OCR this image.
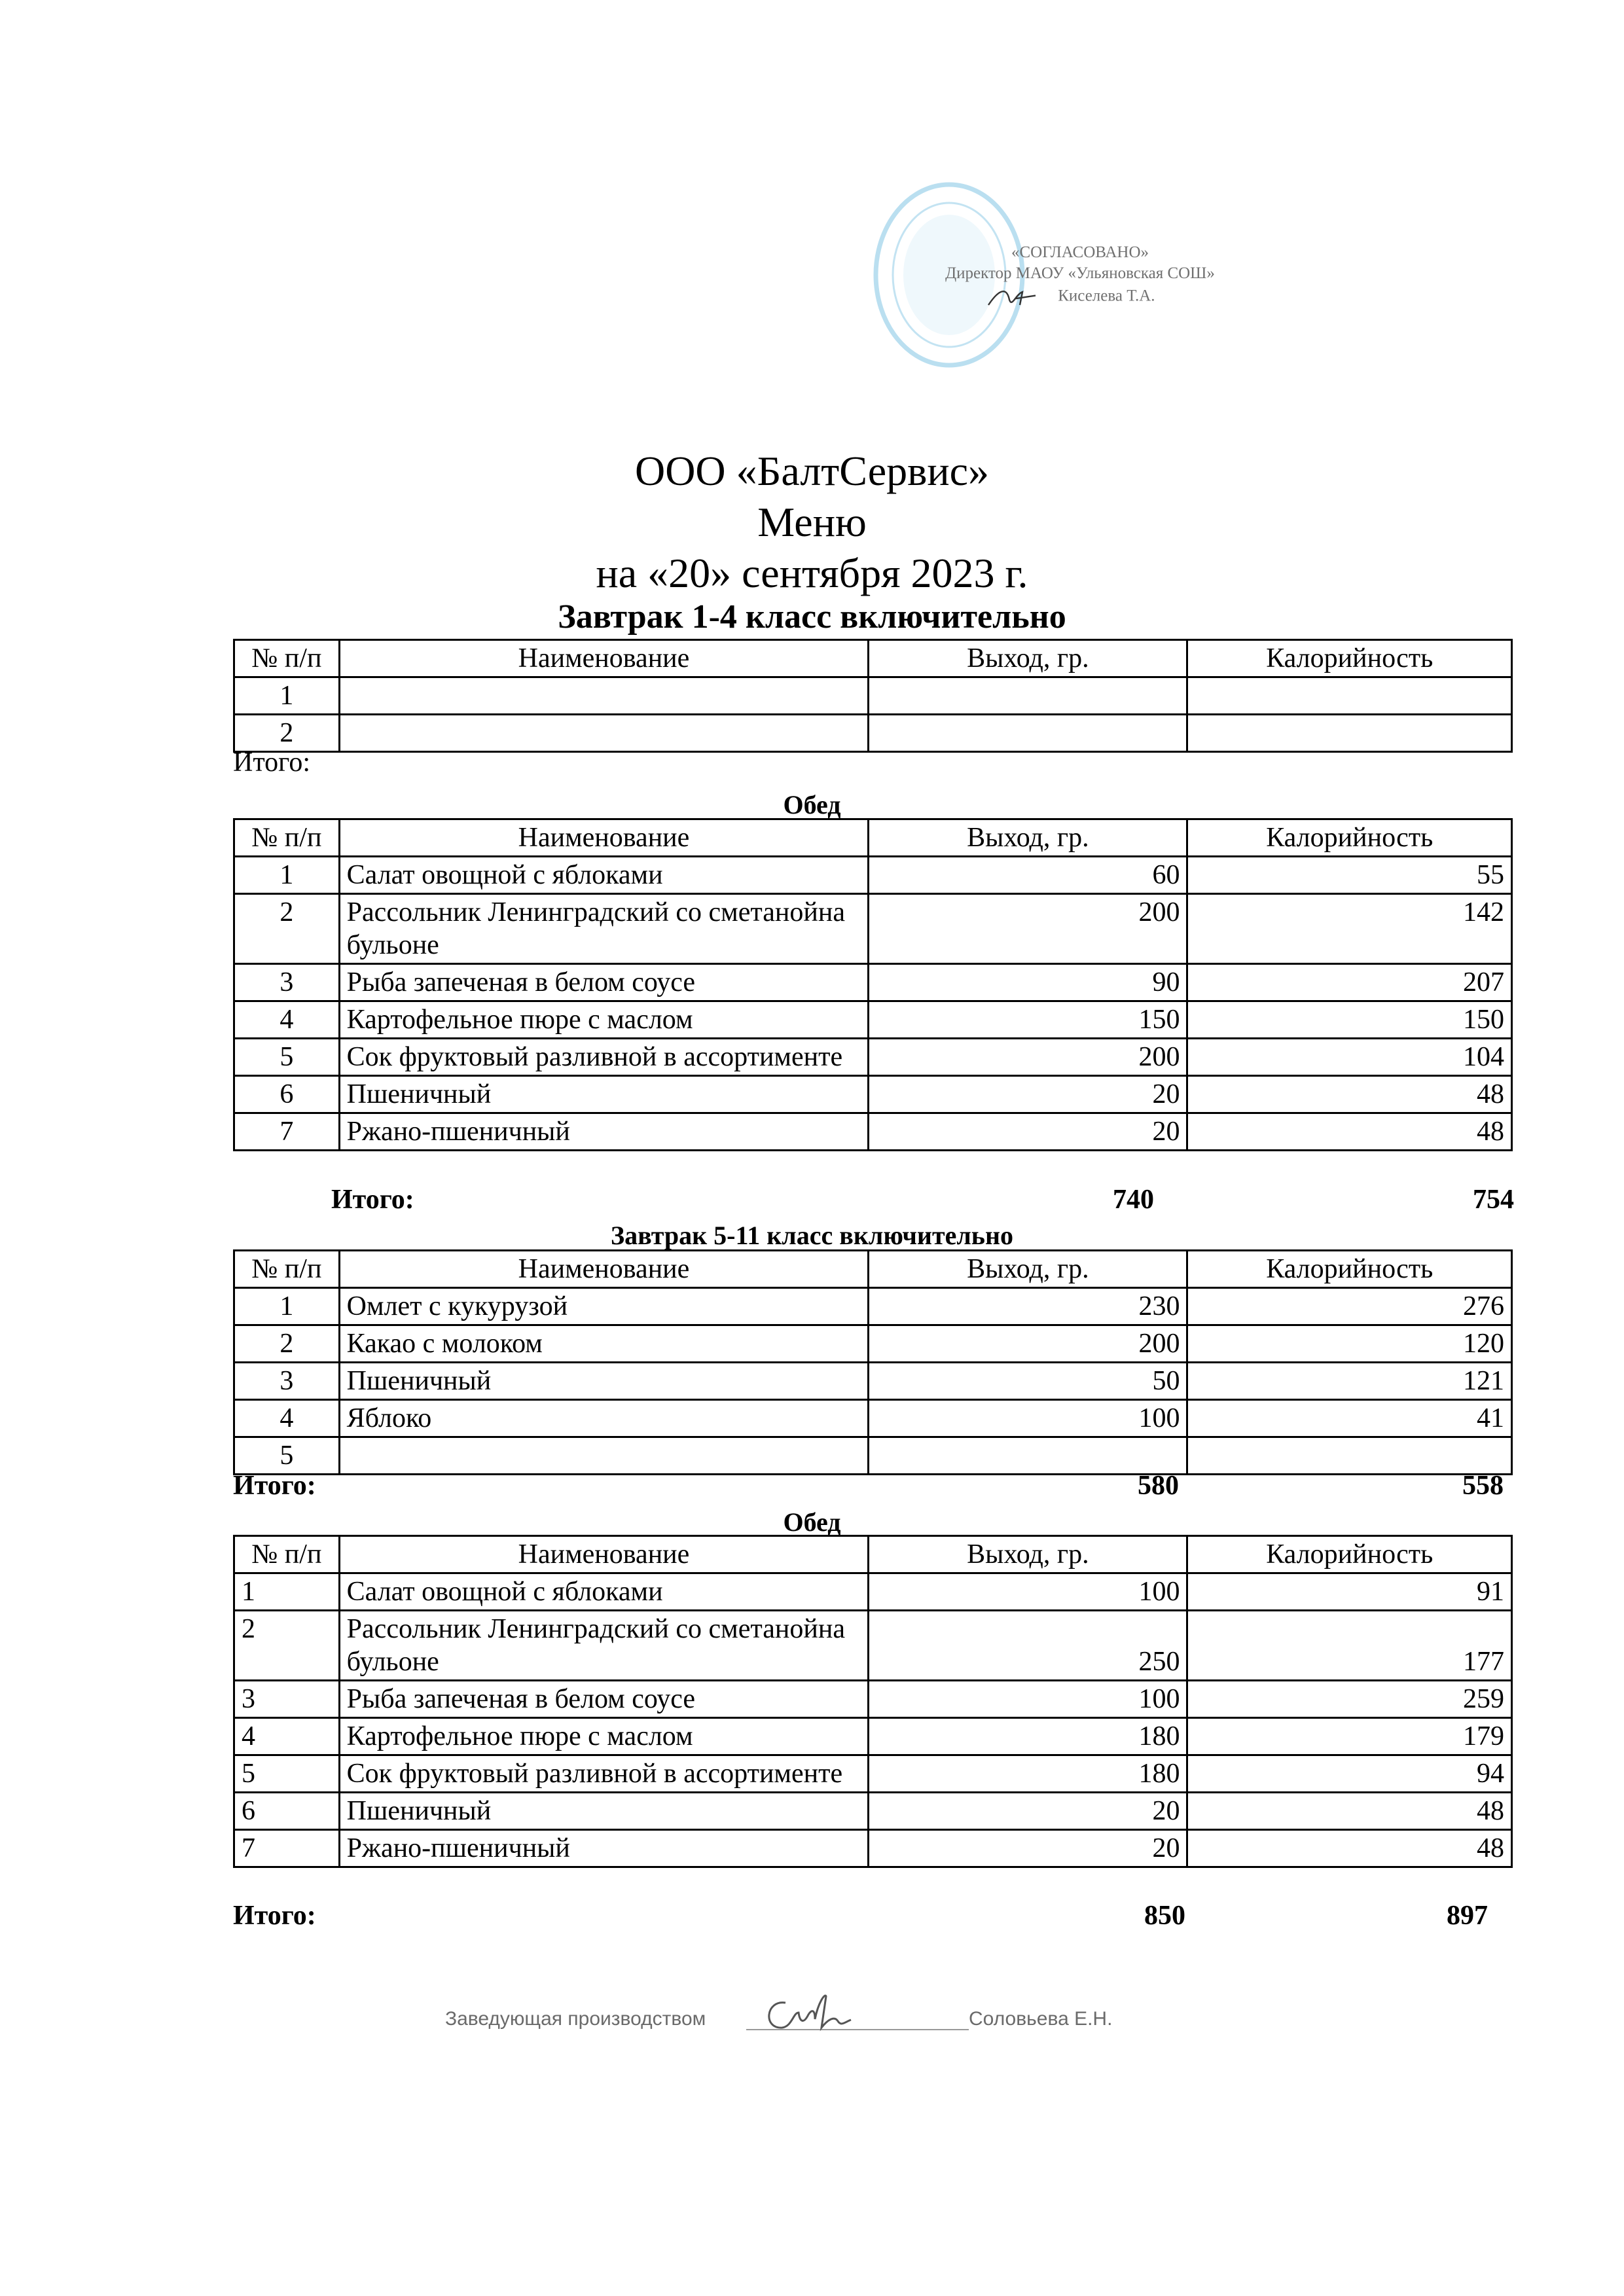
«СОГЛАСОВАНО»
Директор МАОУ «Ульяновская СОШ»

Киселева Т.А.
ООО «БалтСервис»
Меню
на «20» сентября 2023 г.
Завтрак 1-4 класс включительно
№ п/п	Наименование	Выход, гр.	Калорийность
1			
2			
Итого:
Обед
№ п/п	Наименование	Выход, гр.	Калорийность
1	Салат овощной с яблоками	60	55
2	Рассольник Ленинградский со сметанойна бульоне	200	142
3	Рыба запеченая в белом соусе	90	207
4	Картофельное пюре с маслом	150	150
5	Сок фруктовый разливной в ассортименте	200	104
6	Пшеничный	20	48
7	Ржано-пшеничный	20	48
Итого:	740	754
Завтрак 5-11 класс включительно
№ п/п	Наименование	Выход, гр.	Калорийность
1	Омлет с кукурузой	230	276
2	Какао с молоком	200	120
3	Пшеничный	50	121
4	Яблоко	100	41
5			
Итого:	580	558
Обед
№ п/п	Наименование	Выход, гр.	Калорийность
1	Салат овощной с яблоками	100	91
2	Рассольник Ленинградский со сметанойна бульоне	250	177
3	Рыба запеченая в белом соусе	100	259
4	Картофельное пюре с маслом	180	179
5	Сок фруктовый разливной в ассортименте	180	94
6	Пшеничный	20	48
7	Ржано-пшеничный	20	48
Итого:	850	897
Заведующая производством	Соловьева Е.Н.
